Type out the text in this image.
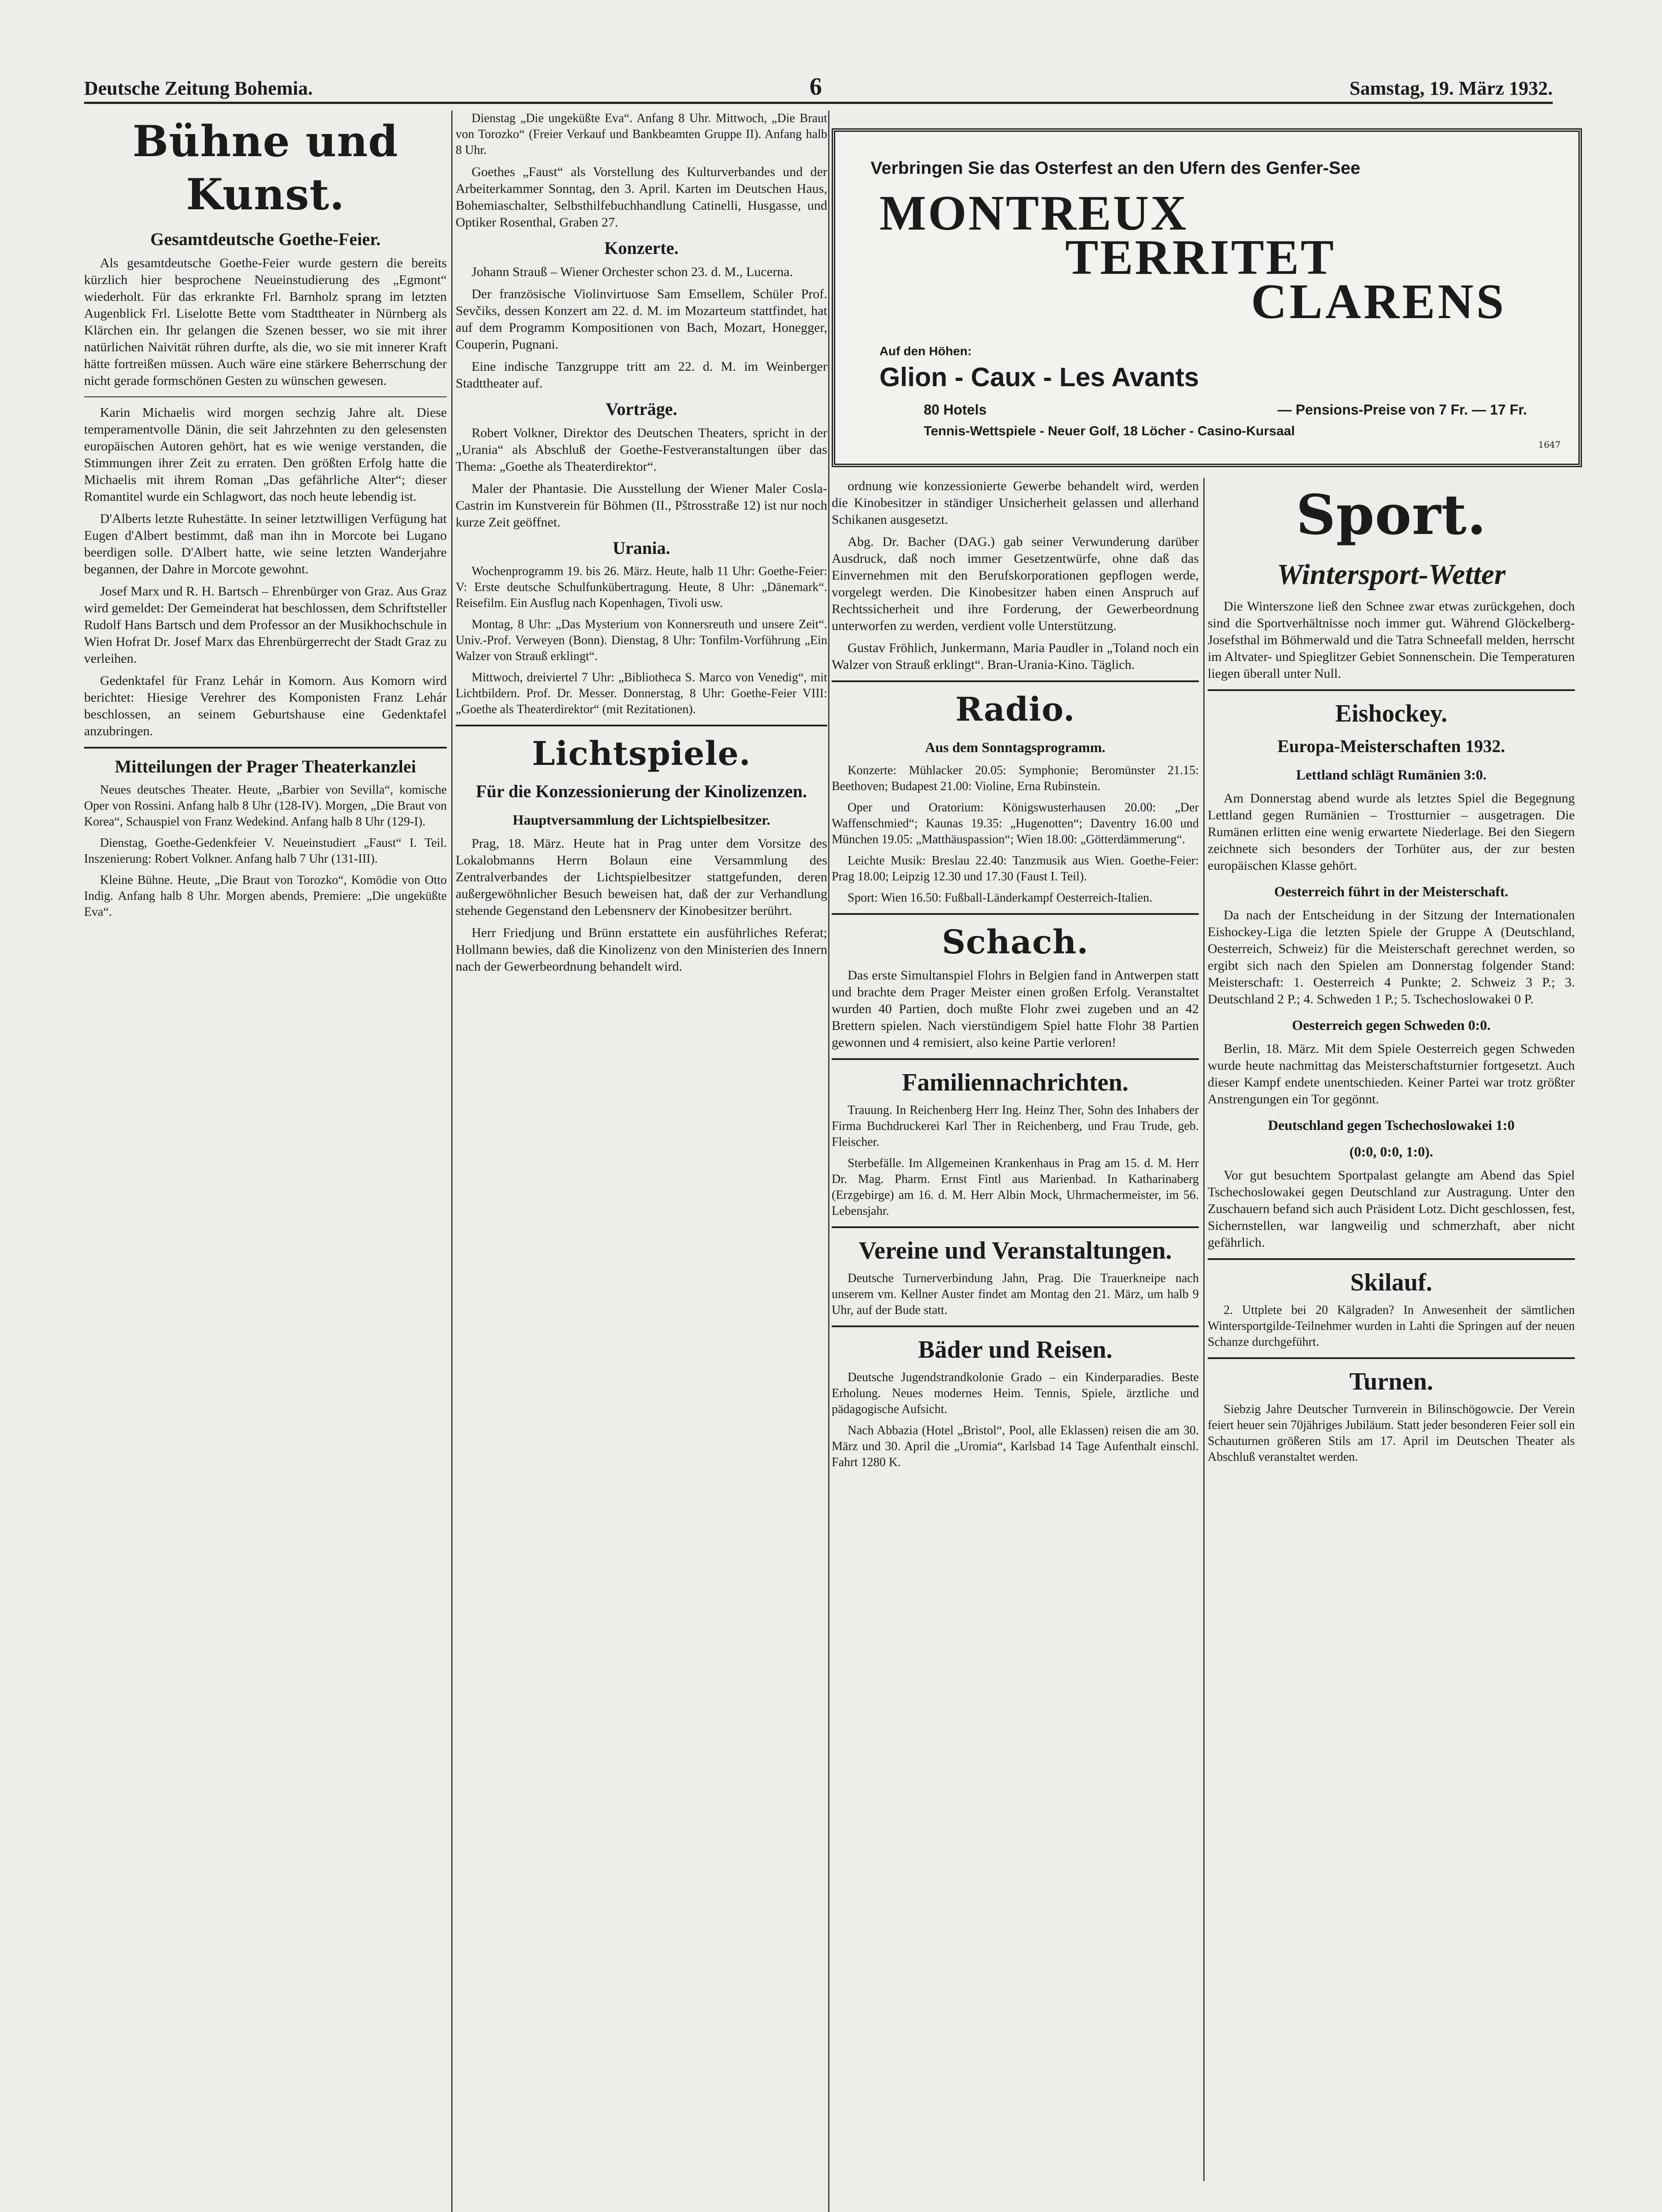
Deutsche Zeitung Bohemia.	6	Samstag, 19. März 1932.
Bühne und Kunst.
Gesamtdeutsche Goethe-Feier.

Als gesamtdeutsche Goethe-Feier wurde gestern die bereits kürzlich hier besprochene Neueinstudierung des „Egmont“ wiederholt. Für das erkrankte Frl. Barnholz sprang im letzten Augenblick Frl. Liselotte Bette vom Stadttheater in Nürnberg als Klärchen ein. Ihr gelangen die Szenen besser, wo sie mit ihrer natürlichen Naivität rühren durfte, als die, wo sie mit innerer Kraft hätte fortreißen müssen. Auch wäre eine stärkere Beherrschung der nicht gerade formschönen Gesten zu wünschen gewesen.

Karin Michaelis wird morgen sechzig Jahre alt. Diese temperamentvolle Dänin, die seit Jahrzehnten zu den gelesensten europäischen Autoren gehört, hat es wie wenige verstanden, die Stimmungen ihrer Zeit zu erraten. Den größten Erfolg hatte die Michaelis mit ihrem Roman „Das gefährliche Alter“; dieser Romantitel wurde ein Schlagwort, das noch heute lebendig ist.

D'Alberts letzte Ruhestätte. In seiner letztwilligen Verfügung hat Eugen d'Albert bestimmt, daß man ihn in Morcote bei Lugano beerdigen solle. D'Albert hatte, wie seine letzten Wanderjahre begannen, der Dahre in Morcote gewohnt.

Josef Marx und R. H. Bartsch – Ehrenbürger von Graz. Aus Graz wird gemeldet: Der Gemeinderat hat beschlossen, dem Schriftsteller Rudolf Hans Bartsch und dem Professor an der Musikhochschule in Wien Hofrat Dr. Josef Marx das Ehrenbürgerrecht der Stadt Graz zu verleihen.

Gedenktafel für Franz Lehár in Komorn. Aus Komorn wird berichtet: Hiesige Verehrer des Komponisten Franz Lehár beschlossen, an seinem Geburtshause eine Gedenktafel anzubringen.

Mitteilungen der Prager Theaterkanzlei

Neues deutsches Theater. Heute, „Barbier von Sevilla“, komische Oper von Rossini. Anfang halb 8 Uhr (128-IV). Morgen, „Die Braut von Korea“, Schauspiel von Franz Wedekind. Anfang halb 8 Uhr (129-I).

Dienstag, Goethe-Gedenkfeier V. Neueinstudiert „Faust“ I. Teil. Inszenierung: Robert Volkner. Anfang halb 7 Uhr (131-III).

Kleine Bühne. Heute, „Die Braut von Torozko“, Komödie von Otto Indig. Anfang halb 8 Uhr. Morgen abends, Premiere: „Die ungeküßte Eva“.

Dienstag „Die ungeküßte Eva“. Anfang 8 Uhr. Mittwoch, „Die Braut von Torozko“ (Freier Verkauf und Bankbeamten Gruppe II). Anfang halb 8 Uhr.

Goethes „Faust“ als Vorstellung des Kulturverbandes und der Arbeiterkammer Sonntag, den 3. April. Karten im Deutschen Haus, Bohemiaschalter, Selbsthilfebuchhandlung Catinelli, Husgasse, und Optiker Rosenthal, Graben 27.

Konzerte.

Johann Strauß – Wiener Orchester schon 23. d. M., Lucerna.

Der französische Violinvirtuose Sam Emsellem, Schüler Prof. Sevčiks, dessen Konzert am 22. d. M. im Mozarteum stattfindet, hat auf dem Programm Kompositionen von Bach, Mozart, Honegger, Couperin, Pugnani.

Eine indische Tanzgruppe tritt am 22. d. M. im Weinberger Stadttheater auf.

Vorträge.

Robert Volkner, Direktor des Deutschen Theaters, spricht in der „Urania“ als Abschluß der Goethe-Festveranstaltungen über das Thema: „Goethe als Theaterdirektor“.

Maler der Phantasie. Die Ausstellung der Wiener Maler Cosla-Castrin im Kunstverein für Böhmen (II., Pštrosstraße 12) ist nur noch kurze Zeit geöffnet.

Urania.

Wochenprogramm 19. bis 26. März. Heute, halb 11 Uhr: Goethe-Feier: V: Erste deutsche Schulfunkübertragung. Heute, 8 Uhr: „Dänemark“. Reisefilm. Ein Ausflug nach Kopenhagen, Tivoli usw.

Montag, 8 Uhr: „Das Mysterium von Konnersreuth und unsere Zeit“. Univ.-Prof. Verweyen (Bonn). Dienstag, 8 Uhr: Tonfilm-Vorführung „Ein Walzer von Strauß erklingt“.

Mittwoch, dreiviertel 7 Uhr: „Bibliotheca S. Marco von Venedig“, mit Lichtbildern. Prof. Dr. Messer. Donnerstag, 8 Uhr: Goethe-Feier VIII: „Goethe als Theaterdirektor“ (mit Rezitationen).

Lichtspiele.
Für die Konzessionierung der Kinolizenzen.
Hauptversammlung der Lichtspielbesitzer.

Prag, 18. März. Heute hat in Prag unter dem Vorsitze des Lokalobmanns Herrn Bolaun eine Versammlung des Zentralverbandes der Lichtspielbesitzer stattgefunden, deren außergewöhnlicher Besuch beweisen hat, daß der zur Verhandlung stehende Gegenstand den Lebensnerv der Kinobesitzer berührt.

Herr Friedjung und Brünn erstattete ein ausführliches Referat; Hollmann bewies, daß die Kinolizenz von den Ministerien des Innern nach der Gewerbeordnung behandelt wird.

Verbringen Sie das Osterfest an den Ufern des Genfer-See
MONTREUX
TERRITET
CLARENS
Auf den Höhen:
Glion - Caux - Les Avants
80 Hotels	— Pensions-Preise von 7 Fr. — 17 Fr.
Tennis-Wettspiele - Neuer Golf, 18 Löcher - Casino-Kursaal
1647

ordnung wie konzessionierte Gewerbe behandelt wird, werden die Kinobesitzer in ständiger Unsicherheit gelassen und allerhand Schikanen ausgesetzt.

Abg. Dr. Bacher (DAG.) gab seiner Verwunderung darüber Ausdruck, daß noch immer Gesetzentwürfe, ohne daß das Einvernehmen mit den Berufskorporationen gepflogen werde, vorgelegt werden. Die Kinobesitzer haben einen Anspruch auf Rechtssicherheit und ihre Forderung, der Gewerbeordnung unterworfen zu werden, verdient volle Unterstützung.

Gustav Fröhlich, Junkermann, Maria Paudler in „Toland noch ein Walzer von Strauß erklingt“. Bran-Urania-Kino. Täglich.

Radio.
Aus dem Sonntagsprogramm.

Konzerte: Mühlacker 20.05: Symphonie; Beromünster 21.15: Beethoven; Budapest 21.00: Violine, Erna Rubinstein.

Oper und Oratorium: Königswusterhausen 20.00: „Der Waffenschmied“; Kaunas 19.35: „Hugenotten“; Daventry 16.00 und München 19.05: „Matthäuspassion“; Wien 18.00: „Götterdämmerung“.

Leichte Musik: Breslau 22.40: Tanzmusik aus Wien. Goethe-Feier: Prag 18.00; Leipzig 12.30 und 17.30 (Faust I. Teil).

Sport: Wien 16.50: Fußball-Länderkampf Oesterreich-Italien.

Schach.

Das erste Simultanspiel Flohrs in Belgien fand in Antwerpen statt und brachte dem Prager Meister einen großen Erfolg. Veranstaltet wurden 40 Partien, doch mußte Flohr zwei zugeben und an 42 Brettern spielen. Nach vierstündigem Spiel hatte Flohr 38 Partien gewonnen und 4 remisiert, also keine Partie verloren!

Familiennachrichten.

Trauung. In Reichenberg Herr Ing. Heinz Ther, Sohn des Inhabers der Firma Buchdruckerei Karl Ther in Reichenberg, und Frau Trude, geb. Fleischer.

Sterbefälle. Im Allgemeinen Krankenhaus in Prag am 15. d. M. Herr Dr. Mag. Pharm. Ernst Fintl aus Marienbad. In Katharinaberg (Erzgebirge) am 16. d. M. Herr Albin Mock, Uhrmachermeister, im 56. Lebensjahr.

Vereine und Veranstaltungen.

Deutsche Turnerverbindung Jahn, Prag. Die Trauerkneipe nach unserem vm. Kellner Auster findet am Montag den 21. März, um halb 9 Uhr, auf der Bude statt.

Bäder und Reisen.

Deutsche Jugendstrandkolonie Grado – ein Kinderparadies. Beste Erholung. Neues modernes Heim. Tennis, Spiele, ärztliche und pädagogische Aufsicht.

Nach Abbazia (Hotel „Bristol“, Pool, alle Eklassen) reisen die am 30. März und 30. April die „Uromia“, Karlsbad 14 Tage Aufenthalt einschl. Fahrt 1280 K.

Sport.
Wintersport-Wetter

Die Winterszone ließ den Schnee zwar etwas zurückgehen, doch sind die Sportverhältnisse noch immer gut. Während Glöckelberg-Josefsthal im Böhmerwald und die Tatra Schneefall melden, herrscht im Altvater- und Spieglitzer Gebiet Sonnenschein. Die Temperaturen liegen überall unter Null.

Eishockey.
Europa-Meisterschaften 1932.
Lettland schlägt Rumänien 3:0.

Am Donnerstag abend wurde als letztes Spiel die Begegnung Lettland gegen Rumänien – Trostturnier – ausgetragen. Die Rumänen erlitten eine wenig erwartete Niederlage. Bei den Siegern zeichnete sich besonders der Torhüter aus, der zur besten europäischen Klasse gehört.

Oesterreich führt in der Meisterschaft.

Da nach der Entscheidung in der Sitzung der Internationalen Eishockey-Liga die letzten Spiele der Gruppe A (Deutschland, Oesterreich, Schweiz) für die Meisterschaft gerechnet werden, so ergibt sich nach den Spielen am Donnerstag folgender Stand: Meisterschaft: 1. Oesterreich 4 Punkte; 2. Schweiz 3 P.; 3. Deutschland 2 P.; 4. Schweden 1 P.; 5. Tschechoslowakei 0 P.

Oesterreich gegen Schweden 0:0.

Berlin, 18. März. Mit dem Spiele Oesterreich gegen Schweden wurde heute nachmittag das Meisterschaftsturnier fortgesetzt. Auch dieser Kampf endete unentschieden. Keiner Partei war trotz größter Anstrengungen ein Tor gegönnt.

Deutschland gegen Tschechoslowakei 1:0
(0:0, 0:0, 1:0).

Vor gut besuchtem Sportpalast gelangte am Abend das Spiel Tschechoslowakei gegen Deutschland zur Austragung. Unter den Zuschauern befand sich auch Präsident Lotz. Dicht geschlossen, fest, Sichernstellen, war langweilig und schmerzhaft, aber nicht gefährlich.

Skilauf.

2. Uttplete bei 20 Kälgraden? In Anwesenheit der sämtlichen Wintersportgilde-Teilnehmer wurden in Lahti die Springen auf der neuen Schanze durchgeführt.

Turnen.

Siebzig Jahre Deutscher Turnverein in Bilinschögowcie. Der Verein feiert heuer sein 70jähriges Jubiläum. Statt jeder besonderen Feier soll ein Schauturnen größeren Stils am 17. April im Deutschen Theater als Abschluß veranstaltet werden.
